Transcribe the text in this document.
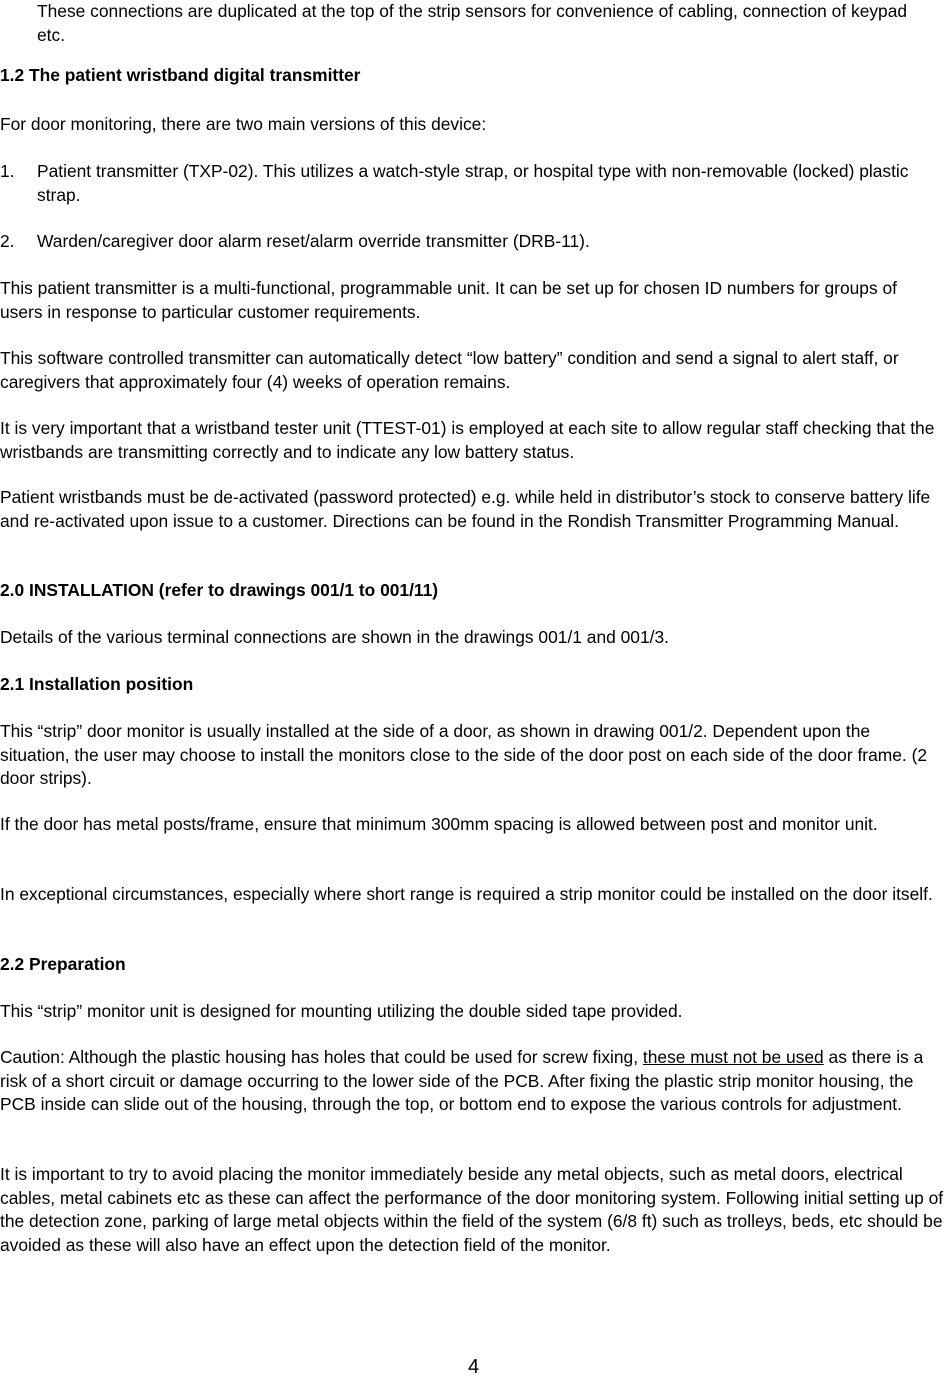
These connections are duplicated at the top of the strip sensors for convenience of cabling, connection of keypad etc.

1.2 The patient wristband digital transmitter

For door monitoring, there are two main versions of this device:

1. Patient transmitter (TXP-02). This utilizes a watch-style strap, or hospital type with non-removable (locked) plastic strap.
2. Warden/caregiver door alarm reset/alarm override transmitter (DRB-11).

This patient transmitter is a multi-functional, programmable unit. It can be set up for chosen ID numbers for groups of users in response to particular customer requirements.

This software controlled transmitter can automatically detect “low battery” condition and send a signal to alert staff, or caregivers that approximately four (4) weeks of operation remains.

It is very important that a wristband tester unit (TTEST-01) is employed at each site to allow regular staff checking that the wristbands are transmitting correctly and to indicate any low battery status.

Patient wristbands must be de-activated (password protected) e.g. while held in distributor’s stock to conserve battery life and re-activated upon issue to a customer. Directions can be found in the Rondish Transmitter Programming Manual.

2.0 INSTALLATION (refer to drawings 001/1 to 001/11)

Details of the various terminal connections are shown in the drawings 001/1 and 001/3.

2.1 Installation position

This “strip” door monitor is usually installed at the side of a door, as shown in drawing 001/2. Dependent upon the situation, the user may choose to install the monitors close to the side of the door post on each side of the door frame. (2 door strips).

If the door has metal posts/frame, ensure that minimum 300mm spacing is allowed between post and monitor unit.

In exceptional circumstances, especially where short range is required a strip monitor could be installed on the door itself.

2.2 Preparation

This “strip” monitor unit is designed for mounting utilizing the double sided tape provided.

Caution: Although the plastic housing has holes that could be used for screw fixing, these must not be used as there is a risk of a short circuit or damage occurring to the lower side of the PCB. After fixing the plastic strip monitor housing, the PCB inside can slide out of the housing, through the top, or bottom end to expose the various controls for adjustment.

It is important to try to avoid placing the monitor immediately beside any metal objects, such as metal doors, electrical cables, metal cabinets etc as these can affect the performance of the door monitoring system. Following initial setting up of the detection zone, parking of large metal objects within the field of the system (6/8 ft) such as trolleys, beds, etc should be avoided as these will also have an effect upon the detection field of the monitor.

4
